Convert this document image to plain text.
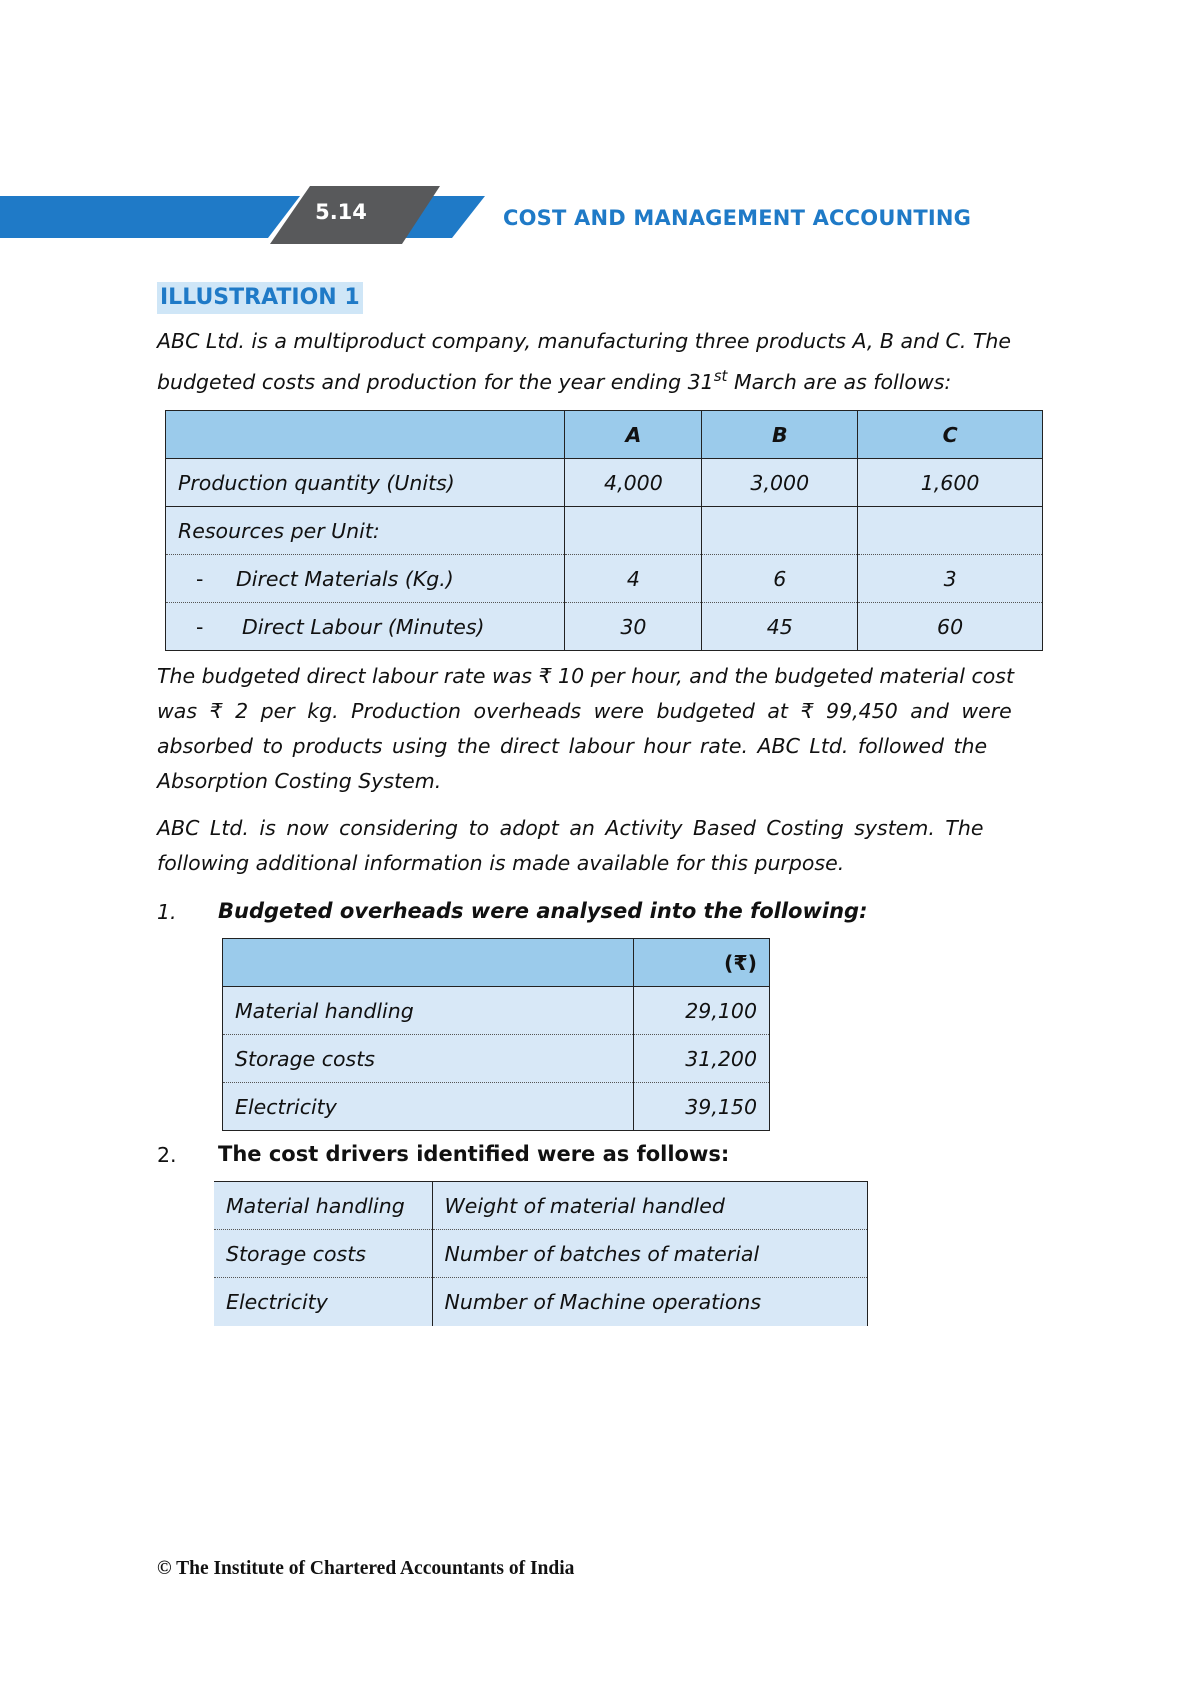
5.14	COST AND MANAGEMENT ACCOUNTING
ILLUSTRATION 1
ABC Ltd. is a multiproduct company, manufacturing three products A, B and C. The
budgeted costs and production for the year ending 31st March are as follows:
	A	B	C
Production quantity (Units)	4,000	3,000	1,600
Resources per Unit:			
- Direct Materials (Kg.)	4	6	3
- Direct Labour (Minutes)	30	45	60
The budgeted direct labour rate was ₹ 10 per hour, and the budgeted material cost
was ₹ 2 per kg. Production overheads were budgeted at ₹ 99,450 and were
absorbed to products using the direct labour hour rate. ABC Ltd. followed the
Absorption Costing System.
ABC Ltd. is now considering to adopt an Activity Based Costing system. The
following additional information is made available for this purpose.
1. Budgeted overheads were analysed into the following:
	(₹)
Material handling	29,100
Storage costs	31,200
Electricity	39,150
2. The cost drivers identified were as follows:
Material handling	Weight of material handled
Storage costs	Number of batches of material
Electricity	Number of Machine operations
© The Institute of Chartered Accountants of India
